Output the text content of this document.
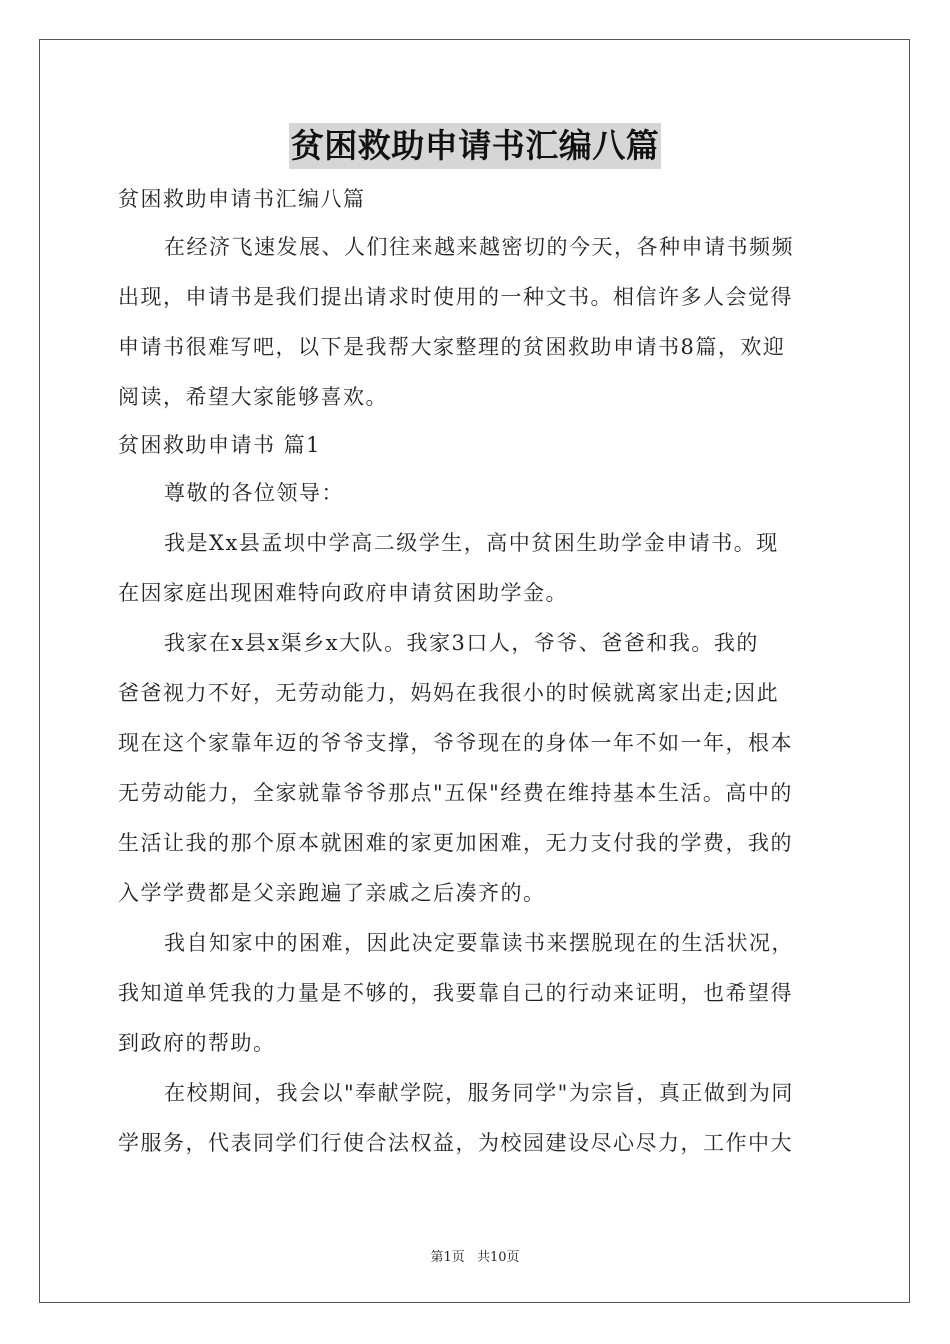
贫困救助申请书汇编八篇
贫困救助申请书汇编八篇
在经济飞速发展、人们往来越来越密切的今天，各种申请书频频
出现，申请书是我们提出请求时使用的一种文书。相信许多人会觉得
申请书很难写吧，以下是我帮大家整理的贫困救助申请书8篇，欢迎
阅读，希望大家能够喜欢。
贫困救助申请书 篇1
尊敬的各位领导：
我是Xx县孟坝中学高二级学生，高中贫困生助学金申请书。现
在因家庭出现困难特向政府申请贫困助学金。
我家在x县x渠乡x大队。我家3口人，爷爷、爸爸和我。我的
爸爸视力不好，无劳动能力，妈妈在我很小的时候就离家出走;因此
现在这个家靠年迈的爷爷支撑，爷爷现在的身体一年不如一年，根本
无劳动能力，全家就靠爷爷那点"五保"经费在维持基本生活。高中的
生活让我的那个原本就困难的家更加困难，无力支付我的学费，我的
入学学费都是父亲跑遍了亲戚之后凑齐的。
我自知家中的困难，因此决定要靠读书来摆脱现在的生活状况，
我知道单凭我的力量是不够的，我要靠自己的行动来证明，也希望得
到政府的帮助。
在校期间，我会以"奉献学院，服务同学"为宗旨，真正做到为同
学服务，代表同学们行使合法权益，为校园建设尽心尽力，工作中大
第1页 共10页
